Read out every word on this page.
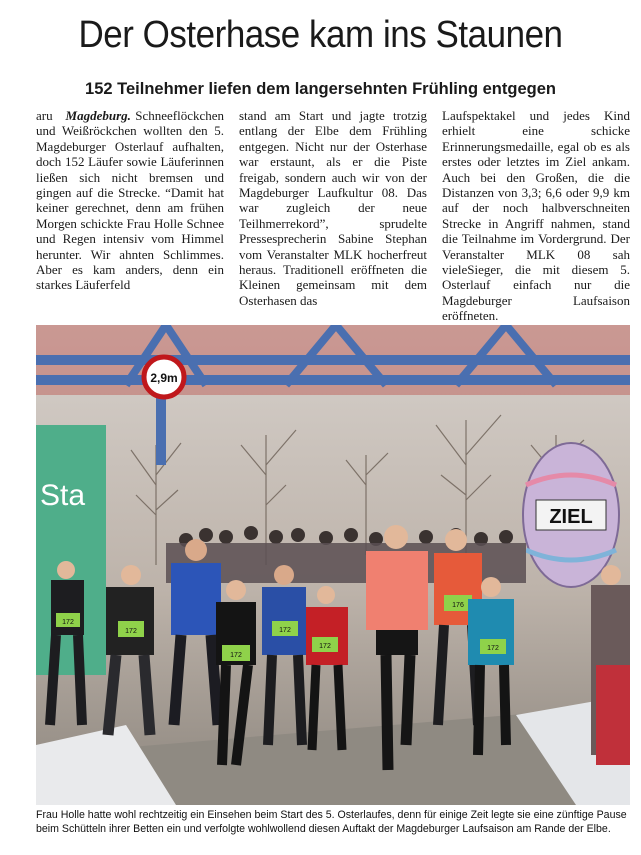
Der Osterhase kam ins Staunen
152 Teilnehmer liefen dem langersehnten Frühling entgegen

aru Magdeburg. Schneeflöckchen und Weißröckchen wollten den 5. Magdeburger Osterlauf aufhalten, doch 152 Läufer sowie Läuferinnen ließen sich nicht bremsen und gingen auf die Strecke. “Damit hat keiner gerechnet, denn am frühen Morgen schickte Frau Holle Schnee und Regen intensiv vom Himmel herunter. Wir ahnten Schlimmes. Aber es kam anders, denn ein starkes Läuferfeld

stand am Start und jagte trotzig entlang der Elbe dem Frühling entgegen. Nicht nur der Osterhase war erstaunt, als er die Piste freigab, sondern auch wir von der Magdeburger Laufkultur 08. Das war zugleich der neue Teilhmerrekord”, sprudelte Pressesprecherin Sabine Stephan vom Veranstalter MLK hocherfreut heraus. Traditionell eröffneten die Kleinen gemeinsam mit dem Osterhasen das

Laufspektakel und jedes Kind erhielt eine schicke Erinnerungsmedaille, egal ob es als erstes oder letztes im Ziel ankam. Auch bei den Großen, die die Distanzen von 3,3; 6,6 oder 9,9 km auf der noch halbverschneiten Strecke in Angriff nahmen, stand die Teilnahme im Vordergrund. Der Veranstalter MLK 08 sah vieleSieger, die mit diesem 5. Osterlauf einfach nur die Magdeburger Laufsaison eröffneten.

2,9m
Sta
ZIEL
172
172
172
172
172
176
172

Frau Holle hatte wohl rechtzeitig ein Einsehen beim Start des 5. Osterlaufes, denn für einige Zeit legte sie eine zünftige Pause beim Schütteln ihrer Betten ein und verfolgte wohlwollend diesen Auftakt der Magdeburger Laufsaison am Rande der Elbe.
